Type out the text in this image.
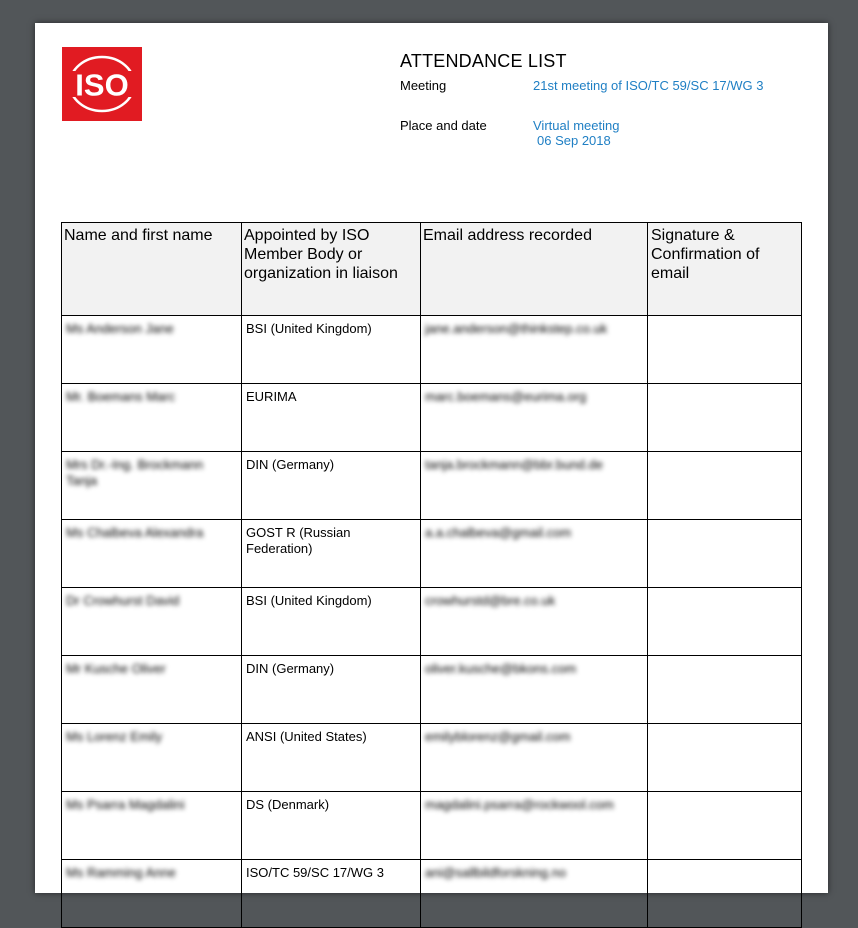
ISO
ATTENDANCE LIST
Meeting	21st meeting of ISO/TC 59/SC 17/WG 3
Place and date	Virtual meeting
06 Sep 2018
Name and first name	Appointed by ISO Member Body or organization in liaison	Email address recorded	Signature & Confirmation of email
Ms Anderson Jane	BSI (United Kingdom)	jane.anderson@thinkstep.co.uk	
Mr. Boemans Marc	EURIMA	marc.boemans@eurima.org	
Mrs Dr.-Ing. Brockmann Tanja	DIN (Germany)	tanja.brockmann@bbr.bund.de	
Ms Chalbeva Alexandra	GOST R (Russian Federation)	a.a.chalbeva@gmail.com	
Dr Crowhurst David	BSI (United Kingdom)	crowhurstd@bre.co.uk	
Mr Kusche Oliver	DIN (Germany)	oliver.kusche@bkons.com	
Ms Lorenz Emily	ANSI (United States)	emilyblorenz@gmail.com	
Ms Psarra Magdalini	DS (Denmark)	magdalini.psarra@rockwool.com	
Ms Ramming Anne	ISO/TC 59/SC 17/WG 3	ani@sallbildforskning.no	
